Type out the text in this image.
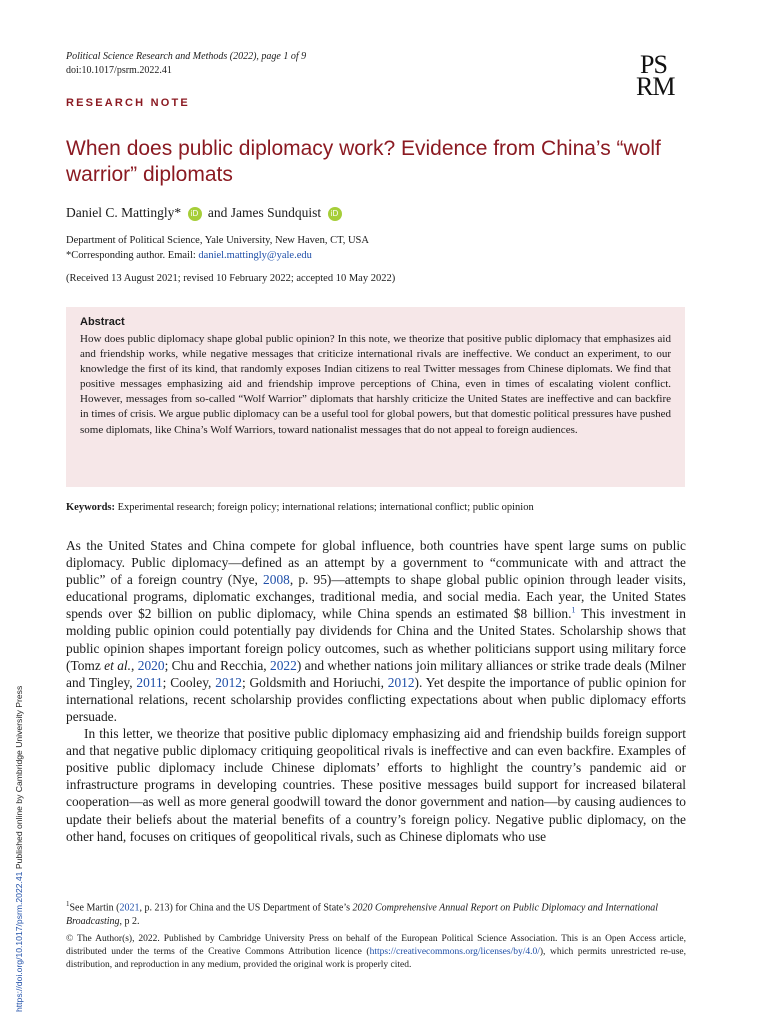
Political Science Research and Methods (2022), page 1 of 9
doi:10.1017/psrm.2022.41	PS
RM
RESEARCH NOTE
When does public diplomacy work? Evidence from China’s “wolf warrior” diplomats
Daniel C. Mattingly* iD and James Sundquist iD
Department of Political Science, Yale University, New Haven, CT, USA
*Corresponding author. Email: daniel.mattingly@yale.edu
(Received 13 August 2021; revised 10 February 2022; accepted 10 May 2022)
Abstract

How does public diplomacy shape global public opinion? In this note, we theorize that positive public diplomacy that emphasizes aid and friendship works, while negative messages that criticize international rivals are ineffective. We conduct an experiment, to our knowledge the first of its kind, that randomly exposes Indian citizens to real Twitter messages from Chinese diplomats. We find that positive messages emphasizing aid and friendship improve perceptions of China, even in times of escalating violent conflict. However, messages from so-called “Wolf Warrior” diplomats that harshly criticize the United States are ineffective and can backfire in times of crisis. We argue public diplomacy can be a useful tool for global powers, but that domestic political pressures have pushed some diplomats, like China’s Wolf Warriors, toward nationalist messages that do not appeal to foreign audiences.

Keywords: Experimental research; foreign policy; international relations; international conflict; public opinion

As the United States and China compete for global influence, both countries have spent large sums on public diplomacy. Public diplomacy—defined as an attempt by a government to “communicate with and attract the public” of a foreign country (Nye, 2008, p. 95)—attempts to shape global public opinion through leader visits, educational programs, diplomatic exchanges, traditional media, and social media. Each year, the United States spends over $2 billion on public diplomacy, while China spends an estimated $8 billion.$^1$ This investment in molding public opinion could potentially pay dividends for China and the United States. Scholarship shows that public opinion shapes important foreign policy outcomes, such as whether politicians support using military force (Tomz et al., 2020; Chu and Recchia, 2022) and whether nations join military alliances or strike trade deals (Milner and Tingley, 2011; Cooley, 2012; Goldsmith and Horiuchi, 2012). Yet despite the importance of public opinion for international relations, recent scholarship provides conflicting expectations about when public diplomacy efforts persuade.

In this letter, we theorize that positive public diplomacy emphasizing aid and friendship builds foreign support and that negative public diplomacy critiquing geopolitical rivals is ineffective and can even backfire. Examples of positive public diplomacy include Chinese diplomats’ efforts to highlight the country’s pandemic aid or infrastructure programs in developing countries. These positive messages build support for increased bilateral cooperation—as well as more general goodwill toward the donor government and nation—by causing audiences to update their beliefs about the material benefits of a country’s foreign policy. Negative public diplomacy, on the other hand, focuses on critiques of geopolitical rivals, such as Chinese diplomats who use

$^1$See Martin (2021, p. 213) for China and the US Department of State’s 2020 Comprehensive Annual Report on Public Diplomacy and International Broadcasting, p 2.

© The Author(s), 2022. Published by Cambridge University Press on behalf of the European Political Science Association. This is an Open Access article, distributed under the terms of the Creative Commons Attribution licence (https://creativecommons.org/licenses/by/4.0/), which permits unrestricted re-use, distribution, and reproduction in any medium, provided the original work is properly cited.

https://doi.org/10.1017/psrm.2022.41 Published online by Cambridge University Press
